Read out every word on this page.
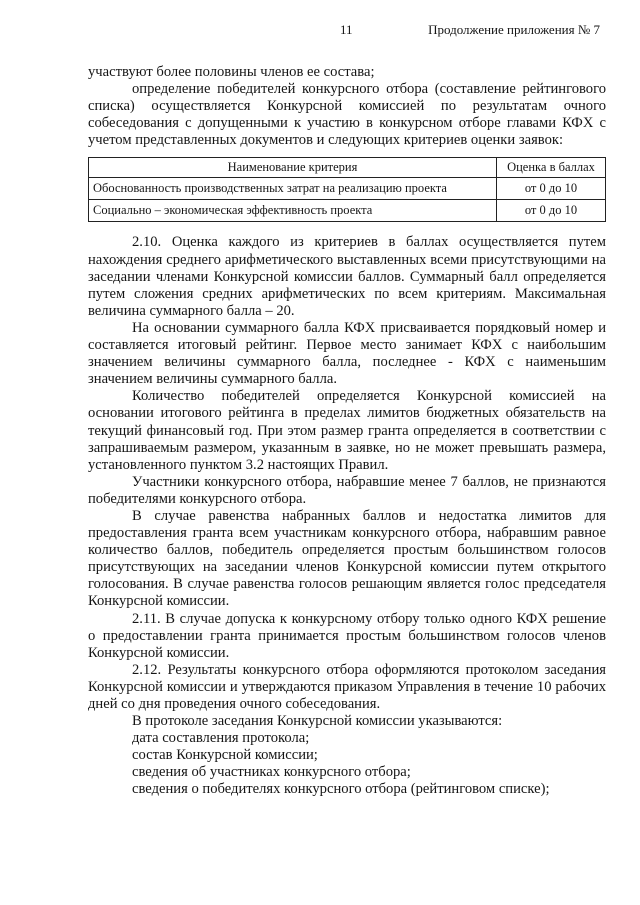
11	Продолжение приложения № 7

участвуют более половины членов ее состава;

определение победителей конкурсного отбора (составление рейтингового списка) осуществляется Конкурсной комиссией по результатам очного собеседования с допущенными к участию в конкурсном отборе главами КФХ с учетом представленных документов и следующих критериев оценки заявок:

Наименование критерия	Оценка в баллах
Обоснованность производственных затрат на реализацию проекта	от 0 до 10
Социально – экономическая эффективность проекта	от 0 до 10

2.10. Оценка каждого из критериев в баллах осуществляется путем нахождения среднего арифметического выставленных всеми присутствующими на заседании членами Конкурсной комиссии баллов. Суммарный балл определяется путем сложения средних арифметических по всем критериям. Максимальная величина суммарного балла – 20.

На основании суммарного балла КФХ присваивается порядковый номер и составляется итоговый рейтинг. Первое место занимает КФХ с наибольшим значением величины суммарного балла, последнее - КФХ с наименьшим значением величины суммарного балла.

Количество победителей определяется Конкурсной комиссией на основании итогового рейтинга в пределах лимитов бюджетных обязательств на текущий финансовый год. При этом размер гранта определяется в соответствии с запрашиваемым размером, указанным в заявке, но не может превышать размера, установленного пунктом 3.2 настоящих Правил.

Участники конкурсного отбора, набравшие менее 7 баллов, не признаются победителями конкурсного отбора.

В случае равенства набранных баллов и недостатка лимитов для предоставления гранта всем участникам конкурсного отбора, набравшим равное количество баллов, победитель определяется простым большинством голосов присутствующих на заседании членов Конкурсной комиссии путем открытого голосования. В случае равенства голосов решающим является голос председателя Конкурсной комиссии.

2.11. В случае допуска к конкурсному отбору только одного КФХ решение о предоставлении гранта принимается простым большинством голосов членов Конкурсной комиссии.

2.12. Результаты конкурсного отбора оформляются протоколом заседания Конкурсной комиссии и утверждаются приказом Управления в течение 10 рабочих дней со дня проведения очного собеседования.

В протоколе заседания Конкурсной комиссии указываются:

дата составления протокола;

состав Конкурсной комиссии;

сведения об участниках конкурсного отбора;

сведения о победителях конкурсного отбора (рейтинговом списке);
